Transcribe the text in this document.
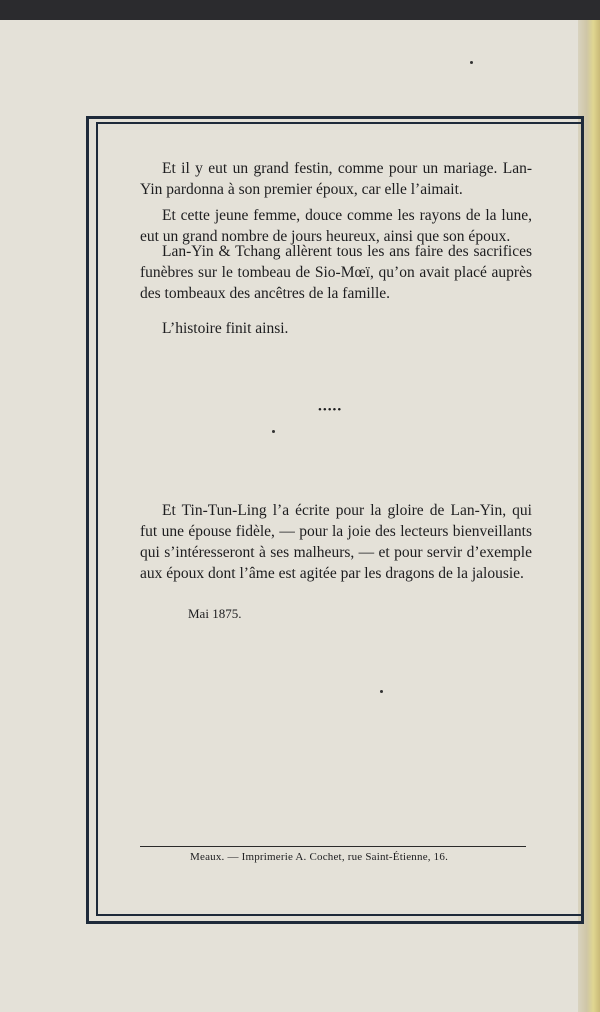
Et il y eut un grand festin, comme pour un mariage. Lan-Yin pardonna à son premier époux, car elle l’aimait.

Et cette jeune femme, douce comme les rayons de la lune, eut un grand nombre de jours heureux, ainsi que son époux.

Lan-Yin & Tchang allèrent tous les ans faire des sacrifices funèbres sur le tombeau de Sio-Mœï, qu’on avait placé auprès des tombeaux des ancêtres de la famille.

L’histoire finit ainsi.

•••••

Et Tin-Tun-Ling l’a écrite pour la gloire de Lan-Yin, qui fut une épouse fidèle, — pour la joie des lecteurs bienveillants qui s’intéresseront à ses malheurs, — et pour servir d’exemple aux époux dont l’âme est agitée par les dragons de la jalousie.

Mai 1875.
Meaux. — Imprimerie A. Cochet, rue Saint-Étienne, 16.
